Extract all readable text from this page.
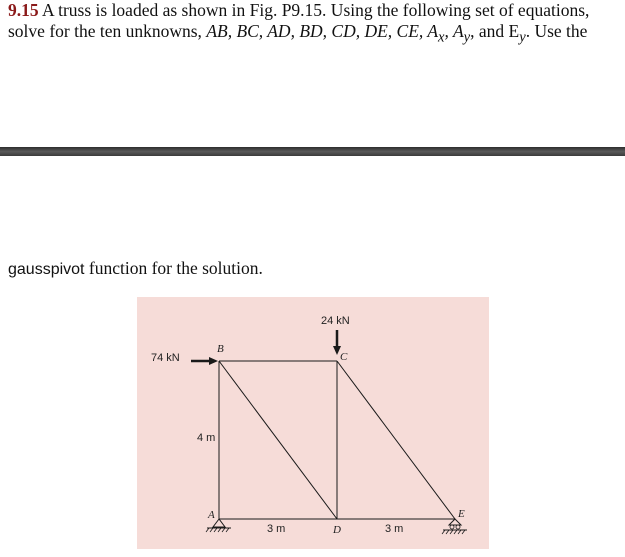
9.15 A truss is loaded as shown in Fig. P9.15. Using the following set of equations, solve for the ten unknowns, AB, BC, AD, BD, CD, DE, CE, $A_x$, $A_y$, and $E_y$. Use the
gausspivot function for the solution.
74 kN
24 kN
B
C
A
D
E
4 m
3 m	3 m
